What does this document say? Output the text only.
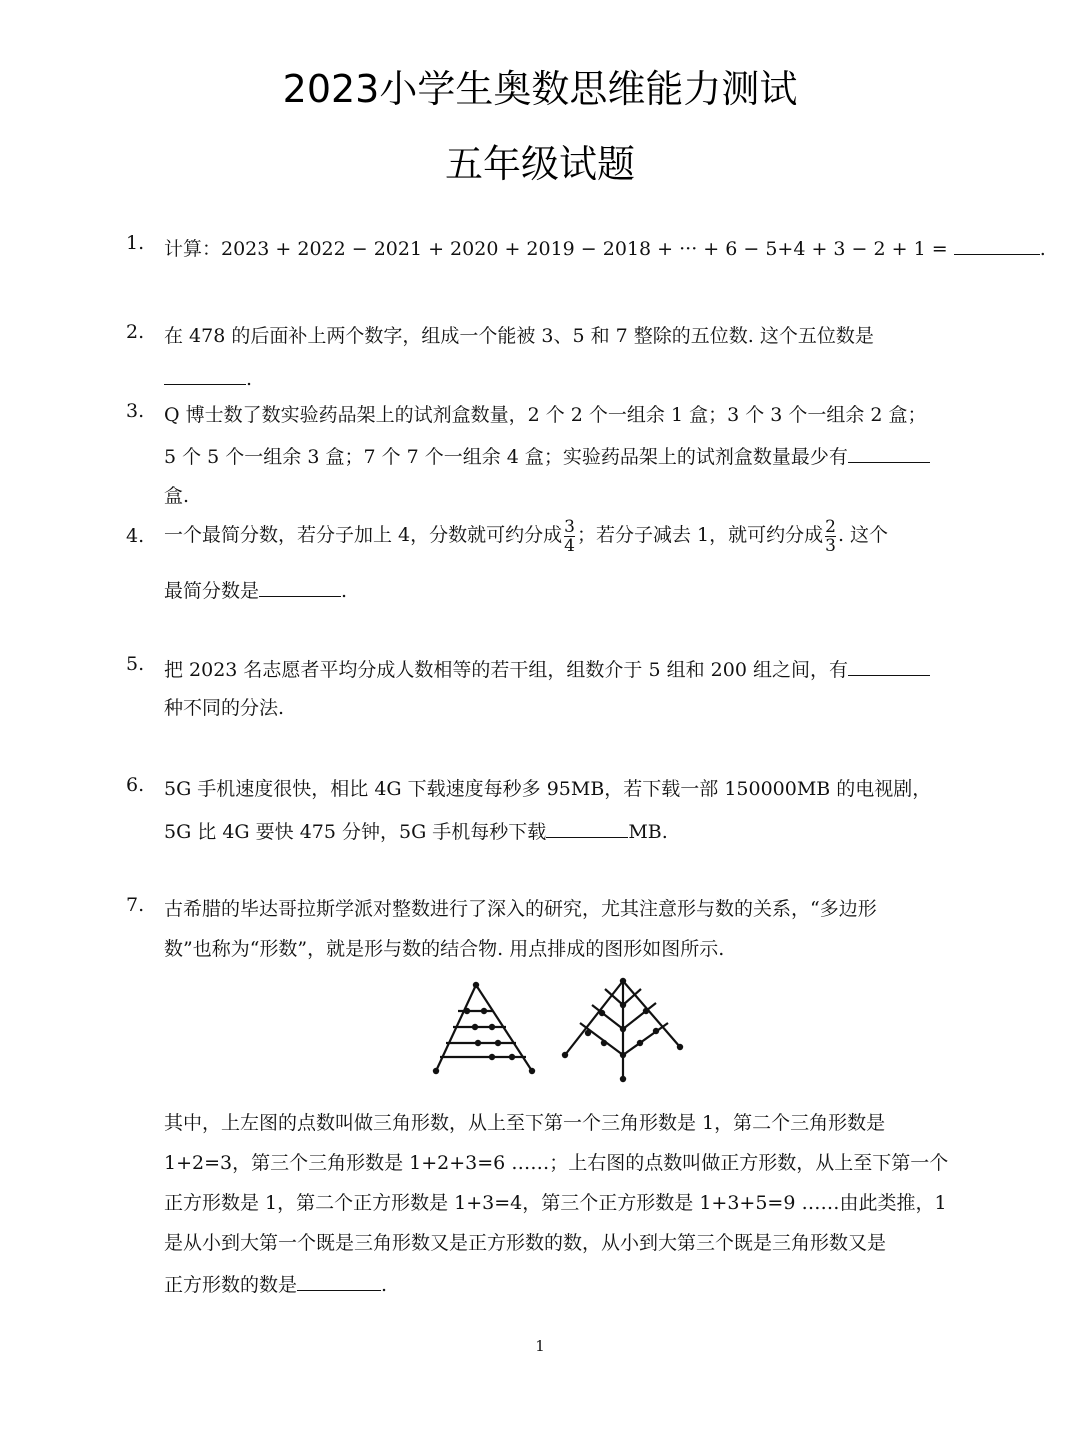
2023小学生奥数思维能力测试
五年级试题
1. 计算：2023 + 2022 − 2021 + 2020 + 2019 − 2018 + ··· + 6 − 5+4 + 3 − 2 + 1 =	.
2. 在 478 的后面补上两个数字，组成一个能被 3、5 和 7 整除的五位数. 这个五位数是
.
3. Q 博士数了数实验药品架上的试剂盒数量，2 个 2 个一组余 1 盒；3 个 3 个一组余 2 盒；
5 个 5 个一组余 3 盒；7 个 7 个一组余 4 盒；实验药品架上的试剂盒数量最少有
盒.
4. 一个最简分数，若分子加上 4，分数就可约分成 $\frac{3}{4}$ ；若分子减去 1，就可约分成 $\frac{2}{3}$ . 这个
最简分数是	.
5. 把 2023 名志愿者平均分成人数相等的若干组，组数介于 5 组和 200 组之间，有
种不同的分法.
6. 5G 手机速度很快，相比 4G 下载速度每秒多 95MB，若下载一部 150000MB 的电视剧，
5G 比 4G 要快 475 分钟，5G 手机每秒下载	MB.
7. 古希腊的毕达哥拉斯学派对整数进行了深入的研究，尤其注意形与数的关系，“多边形
数”也称为“形数”，就是形与数的结合物. 用点排成的图形如图所示.
其中，上左图的点数叫做三角形数，从上至下第一个三角形数是 1，第二个三角形数是
1+2=3，第三个三角形数是 1+2+3=6 ……；上右图的点数叫做正方形数，从上至下第一个
正方形数是 1，第二个正方形数是 1+3=4，第三个正方形数是 1+3+5=9 ……由此类推，1
是从小到大第一个既是三角形数又是正方形数的数，从小到大第三个既是三角形数又是
正方形数的数是	.
1
